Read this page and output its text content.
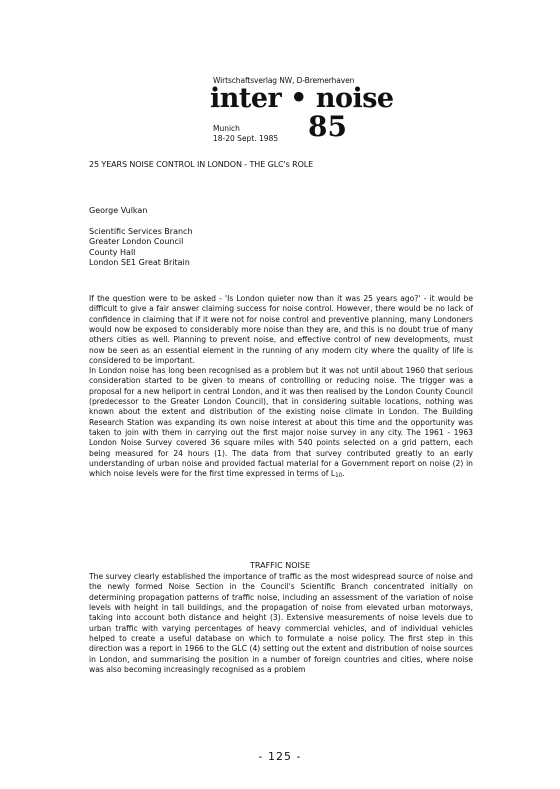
Wirtschaftsverlag NW, D-Bremerhaven
inter • noise
85
Munich
18-20 Sept. 1985
25 YEARS NOISE CONTROL IN LONDON - THE GLC's ROLE
George Vulkan
Scientific Services Branch
Greater London Council
County Hall
London SE1 Great Britain

If the question were to be asked - 'Is London quieter now than it was 25 years ago?' - it would be difficult to give a fair answer claiming success for noise control. However, there would be no lack of confidence in claiming that if it were not for noise control and preventive planning, many Londoners would now be exposed to considerably more noise than they are, and this is no doubt true of many others cities as well. Planning to prevent noise, and effective control of new developments, must now be seen as an essential element in the running of any modern city where the quality of life is considered to be important.

In London noise has long been recognised as a problem but it was not until about 1960 that serious consideration started to be given to means of controlling or reducing noise. The trigger was a proposal for a new heliport in central London, and it was then realised by the London County Council (predecessor to the Greater London Council), that in considering suitable locations, nothing was known about the extent and distribution of the existing noise climate in London. The Building Research Station was expanding its own noise interest at about this time and the opportunity was taken to join with them in carrying out the first major noise survey in any city. The 1961 - 1963 London Noise Survey covered 36 square miles with 540 points selected on a grid pattern, each being measured for 24 hours (1). The data from that survey contributed greatly to an early understanding of urban noise and provided factual material for a Government report on noise (2) in which noise levels were for the first time expressed in terms of $L_{10}$.

TRAFFIC NOISE

The survey clearly established the importance of traffic as the most widespread source of noise and the newly formed Noise Section in the Council's Scientific Branch concentrated initially on determining propagation patterns of traffic noise, including an assessment of the variation of noise levels with height in tall buildings, and the propagation of noise from elevated urban motorways, taking into account both distance and height (3). Extensive measurements of noise levels due to urban traffic with varying percentages of heavy commercial vehicles, and of individual vehicles helped to create a useful database on which to formulate a noise policy. The first step in this direction was a report in 1966 to the GLC (4) setting out the extent and distribution of noise sources in London, and summarising the position in a number of foreign countries and cities, where noise was also becoming increasingly recognised as a problem

- 125 -
